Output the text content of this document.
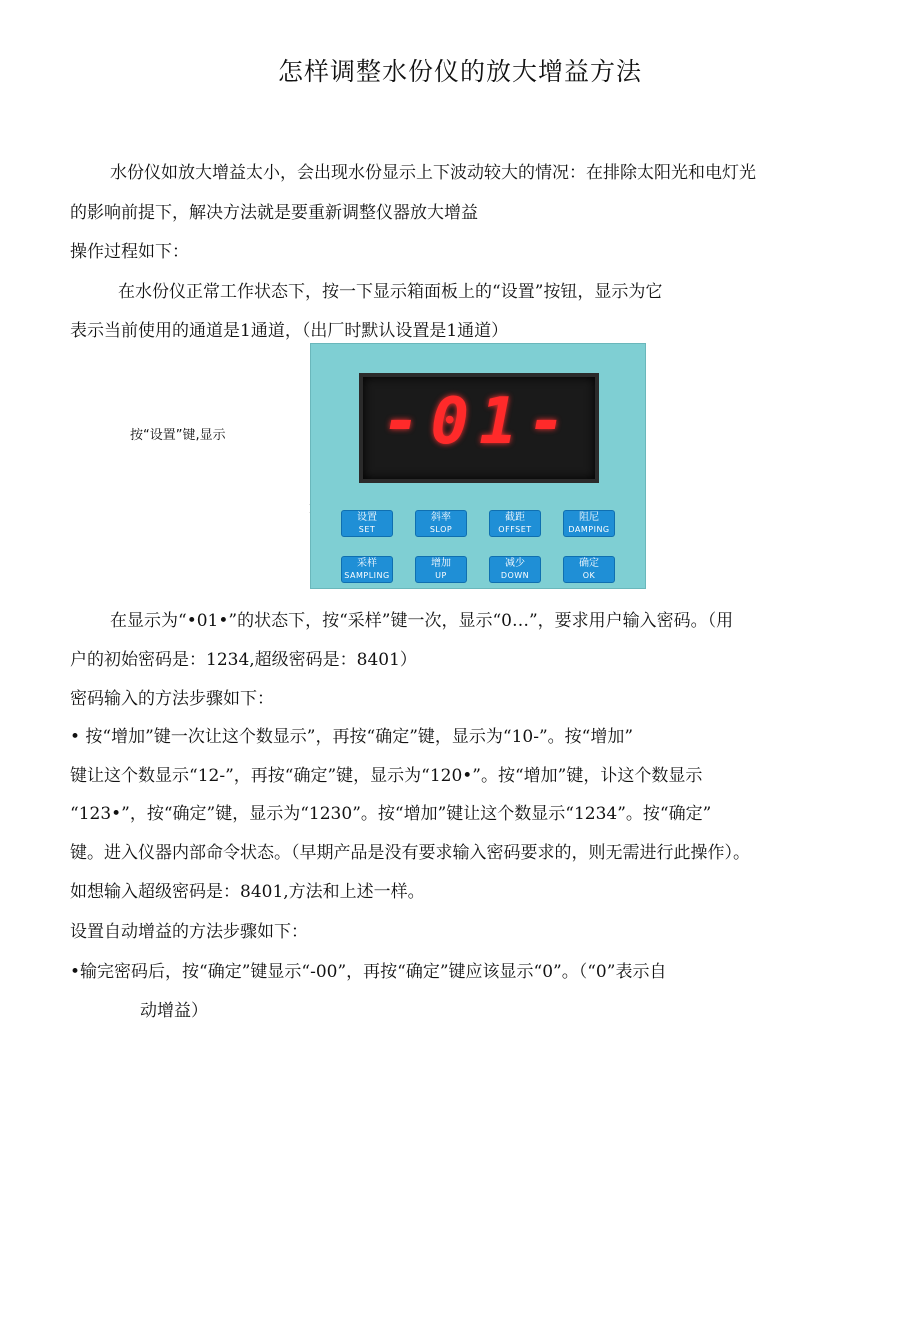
怎样调整水份仪的放大增益方法
水份仪如放大增益太小，会出现水份显示上下波动较大的情况：在排除太阳光和电灯光
的影响前提下，解决方法就是要重新调整仪器放大增益
操作过程如下：
在水份仪正常工作状态下，按一下显示箱面板上的“设置”按钮，显示为它
表示当前使用的通道是1通道，（出厂时默认设置是1通道）
按“设置”键,显示	-01-
设置
SET
斜率
SLOP
截距
OFFSET
阻尼
DAMPING
采样
SAMPLING
增加
UP
减少
DOWN
确定
OK
在显示为“•01•”的状态下，按“采样”键一次，显示“0…”，要求用户输入密码。（用
户的初始密码是：1234,超级密码是：8401）
密码输入的方法步骤如下：
• 按“增加”键一次让这个数显示”，再按“确定”键，显示为“10-”。按“增加”
键让这个数显示“12-”，再按“确定”键，显示为“120•”。按“增加”键，讣这个数显示
“123•”，按“确定”键，显示为“1230”。按“增加”键让这个数显示“1234”。按“确定”
键。进入仪器内部命令状态。（早期产品是没有要求输入密码要求的，则无需进行此操作）。
如想输入超级密码是：8401,方法和上述一样。
设置自动增益的方法步骤如下：
•输完密码后，按“确定”键显示“-00”，再按“确定”键应该显示“0”。（“0”表示自
动增益）
